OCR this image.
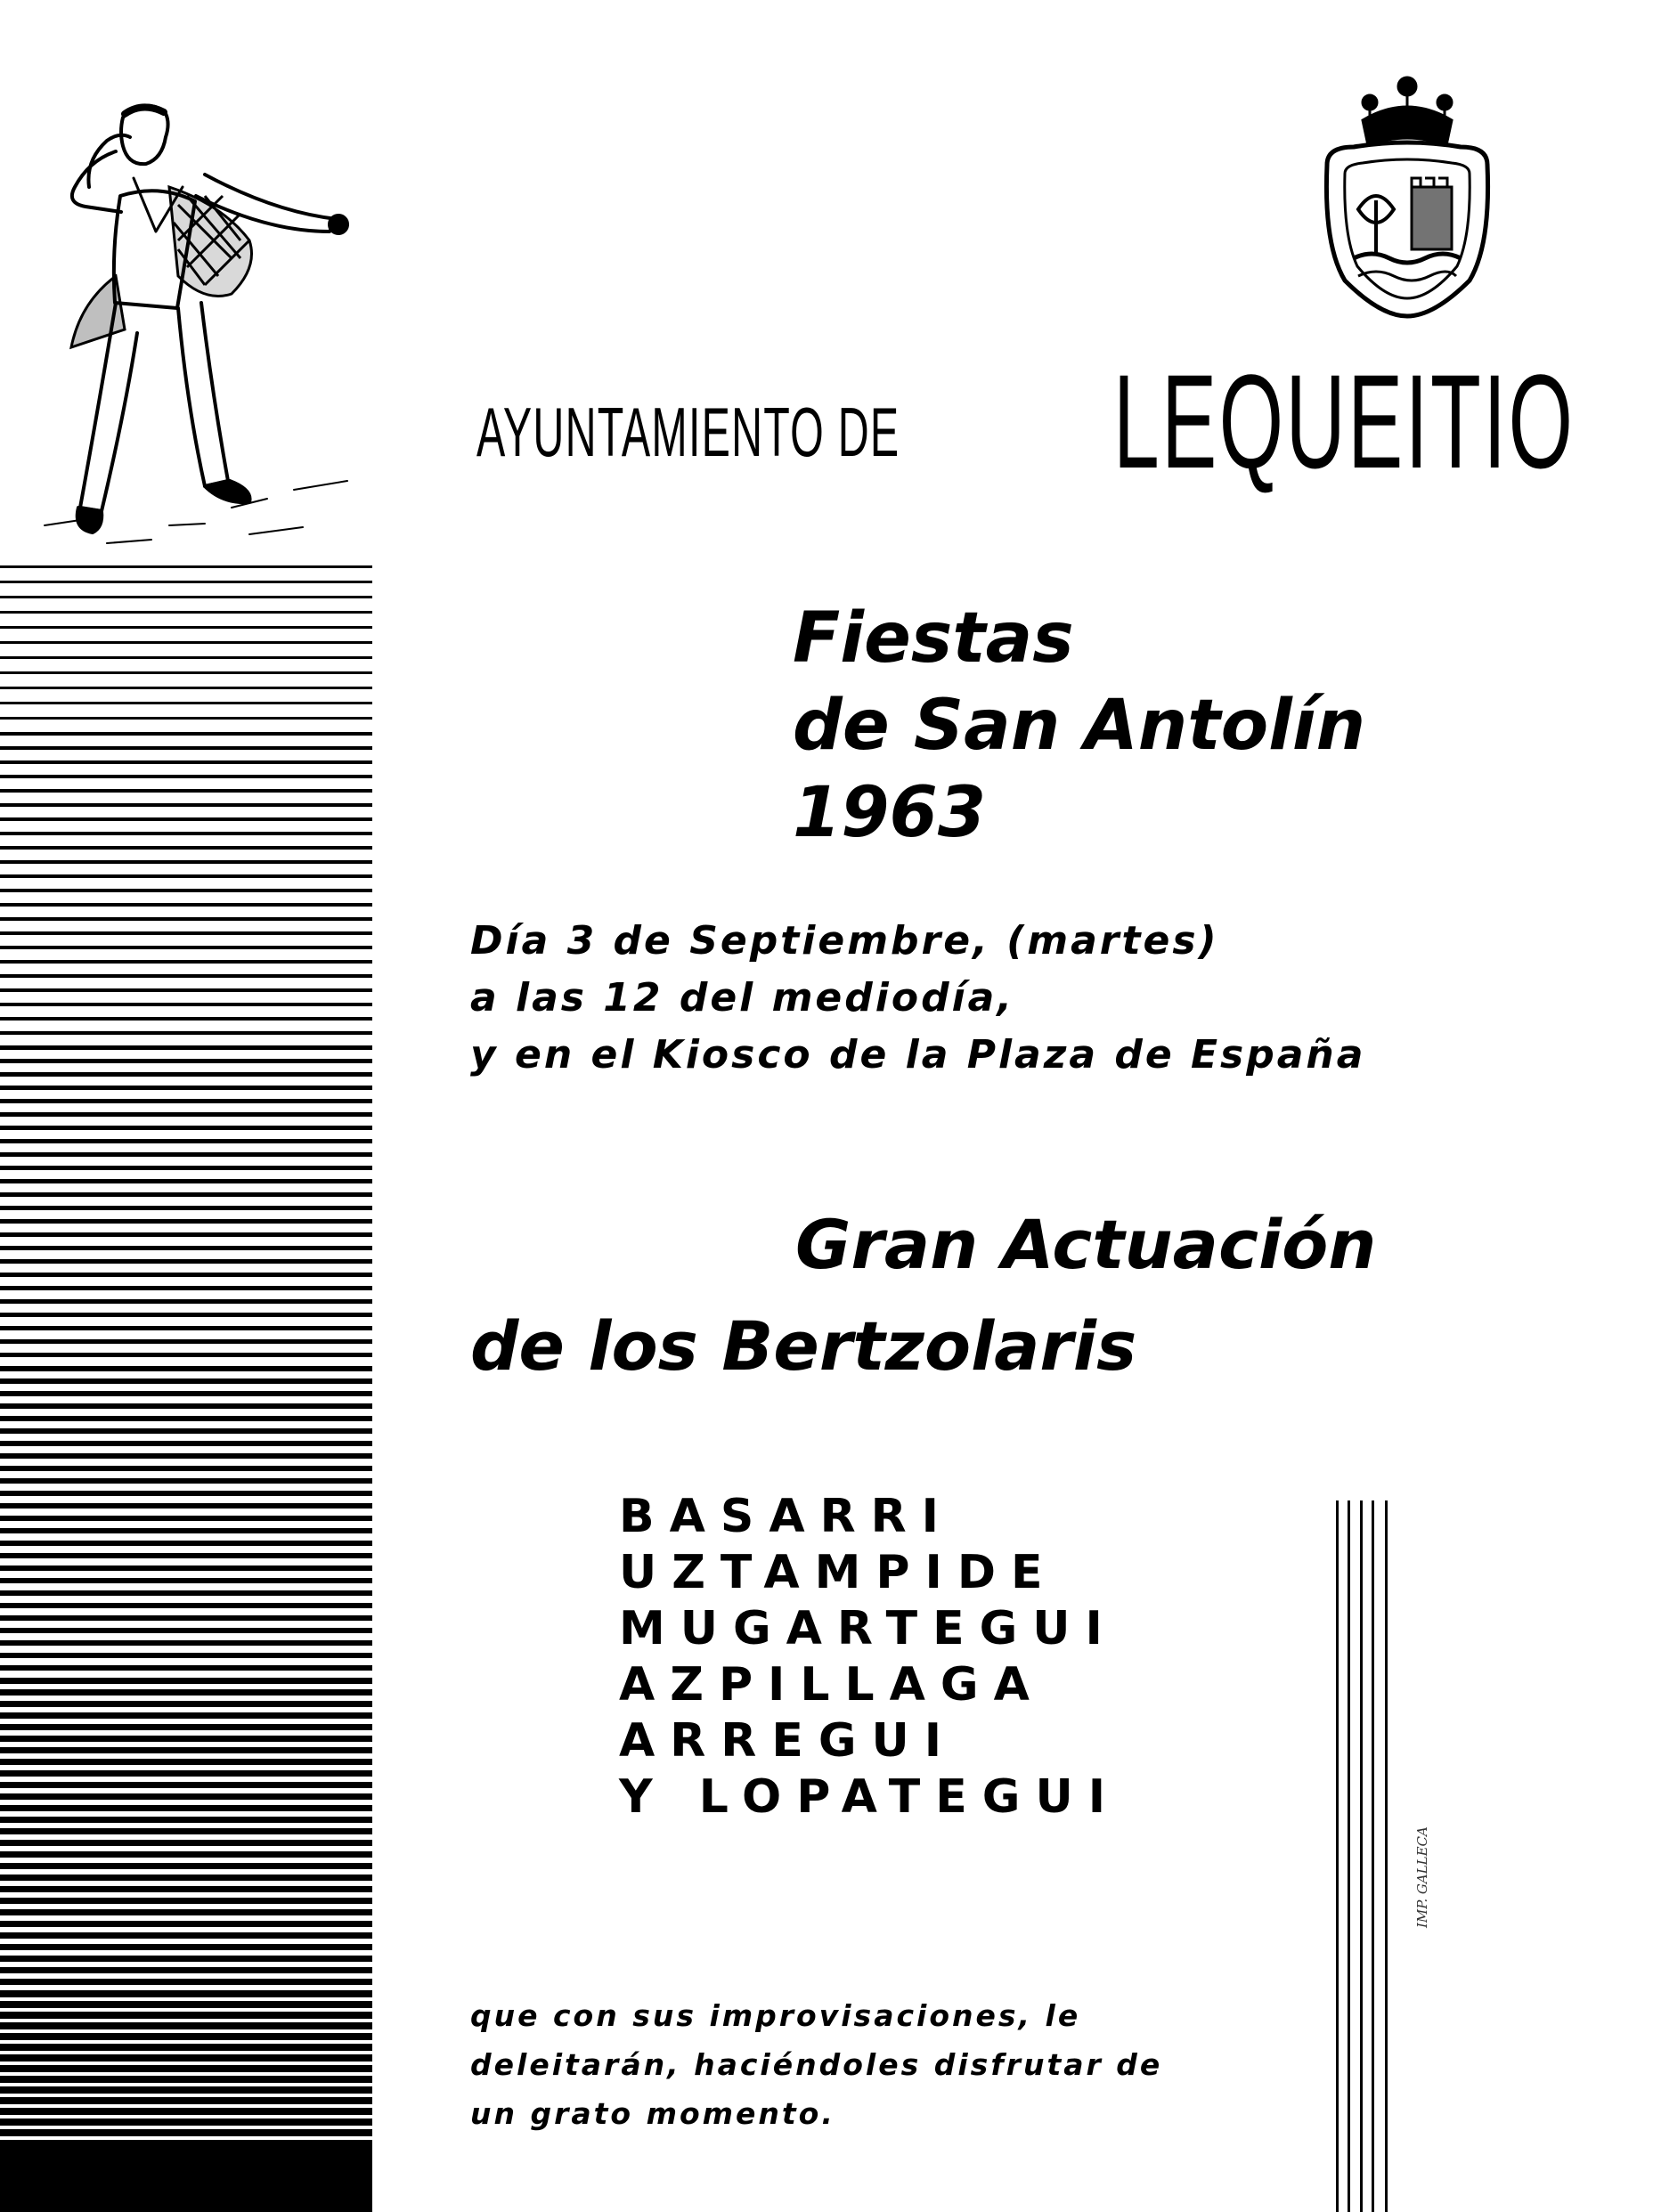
AYUNTAMIENTO DE LEQUEITIO
Fiestas
de San Antolín
1963
Día 3 de Septiembre, (martes)
a las 12 del mediodía,
y en el Kiosco de la Plaza de España
Gran Actuación
de los Bertzolaris
BASARRI
UZTAMPIDE
MUGARTEGUI
AZPILLAGA
ARREGUI
Y LOPATEGUI
que con sus improvisaciones, le
deleitarán, haciéndoles disfrutar de
un grato momento.
IMP. GALLECA
